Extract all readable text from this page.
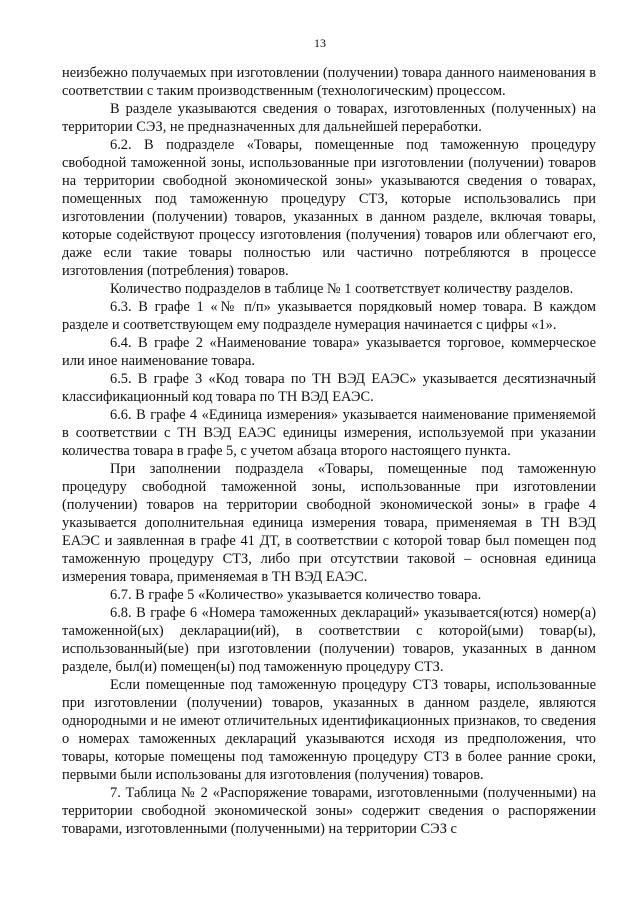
13

неизбежно получаемых при изготовлении (получении) товара данного наименования в соответствии с таким производственным (технологическим) процессом.

В разделе указываются сведения о товарах, изготовленных (полученных) на территории СЭЗ, не предназначенных для дальнейшей переработки.

6.2. В подразделе «Товары, помещенные под таможенную процедуру свободной таможенной зоны, использованные при изготовлении (получении) товаров на территории свободной экономической зоны» указываются сведения о товарах, помещенных под таможенную процедуру СТЗ, которые использовались при изготовлении (получении) товаров, указанных в данном разделе, включая товары, которые содействуют процессу изготовления (получения) товаров или облегчают его, даже если такие товары полностью или частично потребляются в процессе изготовления (потребления) товаров.

Количество подразделов в таблице № 1 соответствует количеству разделов.

6.3. В графе 1 «№ п/п» указывается порядковый номер товара. В каждом разделе и соответствующем ему подразделе нумерация начинается с цифры «1».

6.4. В графе 2 «Наименование товара» указывается торговое, коммерческое или иное наименование товара.

6.5. В графе 3 «Код товара по ТН ВЭД ЕАЭС» указывается десятизначный классификационный код товара по ТН ВЭД ЕАЭС.

6.6. В графе 4 «Единица измерения» указывается наименование применяемой в соответствии с ТН ВЭД ЕАЭС единицы измерения, используемой при указании количества товара в графе 5, с учетом абзаца второго настоящего пункта.

При заполнении подраздела «Товары, помещенные под таможенную процедуру свободной таможенной зоны, использованные при изготовлении (получении) товаров на территории свободной экономической зоны» в графе 4 указывается дополнительная единица измерения товара, применяемая в ТН ВЭД ЕАЭС и заявленная в графе 41 ДТ, в соответствии с которой товар был помещен под таможенную процедуру СТЗ, либо при отсутствии таковой – основная единица измерения товара, применяемая в ТН ВЭД ЕАЭС.

6.7. В графе 5 «Количество» указывается количество товара.

6.8. В графе 6 «Номера таможенных деклараций» указывается(ются) номер(а) таможенной(ых) декларации(ий), в соответствии с которой(ыми) товар(ы), использованный(ые) при изготовлении (получении) товаров, указанных в данном разделе, был(и) помещен(ы) под таможенную процедуру СТЗ.

Если помещенные под таможенную процедуру СТЗ товары, использованные при изготовлении (получении) товаров, указанных в данном разделе, являются однородными и не имеют отличительных идентификационных признаков, то сведения о номерах таможенных деклараций указываются исходя из предположения, что товары, которые помещены под таможенную процедуру СТЗ в более ранние сроки, первыми были использованы для изготовления (получения) товаров.

7. Таблица № 2 «Распоряжение товарами, изготовленными (полученными) на территории свободной экономической зоны» содержит сведения о распоряжении товарами, изготовленными (полученными) на территории СЭЗ с
